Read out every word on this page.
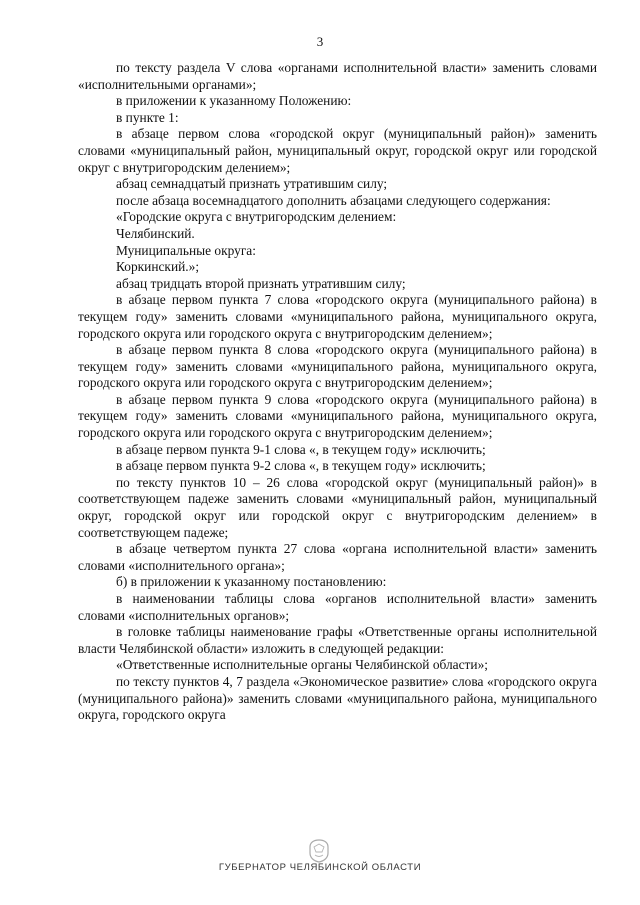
3

по тексту раздела V слова «органами исполнительной власти» заменить словами «исполнительными органами»;

в приложении к указанному Положению:

в пункте 1:

в абзаце первом слова «городской округ (муниципальный район)» заменить словами «муниципальный район, муниципальный округ, городской округ или городской округ с внутригородским делением»;

абзац семнадцатый признать утратившим силу;

после абзаца восемнадцатого дополнить абзацами следующего содержания:

«Городские округа с внутригородским делением:

Челябинский.

Муниципальные округа:

Коркинский.»;

абзац тридцать второй признать утратившим силу;

в абзаце первом пункта 7 слова «городского округа (муниципального района) в текущем году» заменить словами «муниципального района, муниципального округа, городского округа или городского округа с внутригородским делением»;

в абзаце первом пункта 8 слова «городского округа (муниципального района) в текущем году» заменить словами «муниципального района, муниципального округа, городского округа или городского округа с внутригородским делением»;

в абзаце первом пункта 9 слова «городского округа (муниципального района) в текущем году» заменить словами «муниципального района, муниципального округа, городского округа или городского округа с внутригородским делением»;

в абзаце первом пункта 9-1 слова «, в текущем году» исключить;

в абзаце первом пункта 9-2 слова «, в текущем году» исключить;

по тексту пунктов 10 – 26 слова «городской округ (муниципальный район)» в соответствующем падеже заменить словами «муниципальный район, муниципальный округ, городской округ или городской округ с внутригородским делением» в соответствующем падеже;

в абзаце четвертом пункта 27 слова «органа исполнительной власти» заменить словами «исполнительного органа»;

б) в приложении к указанному постановлению:

в наименовании таблицы слова «органов исполнительной власти» заменить словами «исполнительных органов»;

в головке таблицы наименование графы «Ответственные органы исполнительной власти Челябинской области» изложить в следующей редакции:

«Ответственные исполнительные органы Челябинской области»;

по тексту пунктов 4, 7 раздела «Экономическое развитие» слова «городского округа (муниципального района)» заменить словами «муниципального района, муниципального округа, городского округа

ГУБЕРНАТОР ЧЕЛЯБИНСКОЙ ОБЛАСТИ
